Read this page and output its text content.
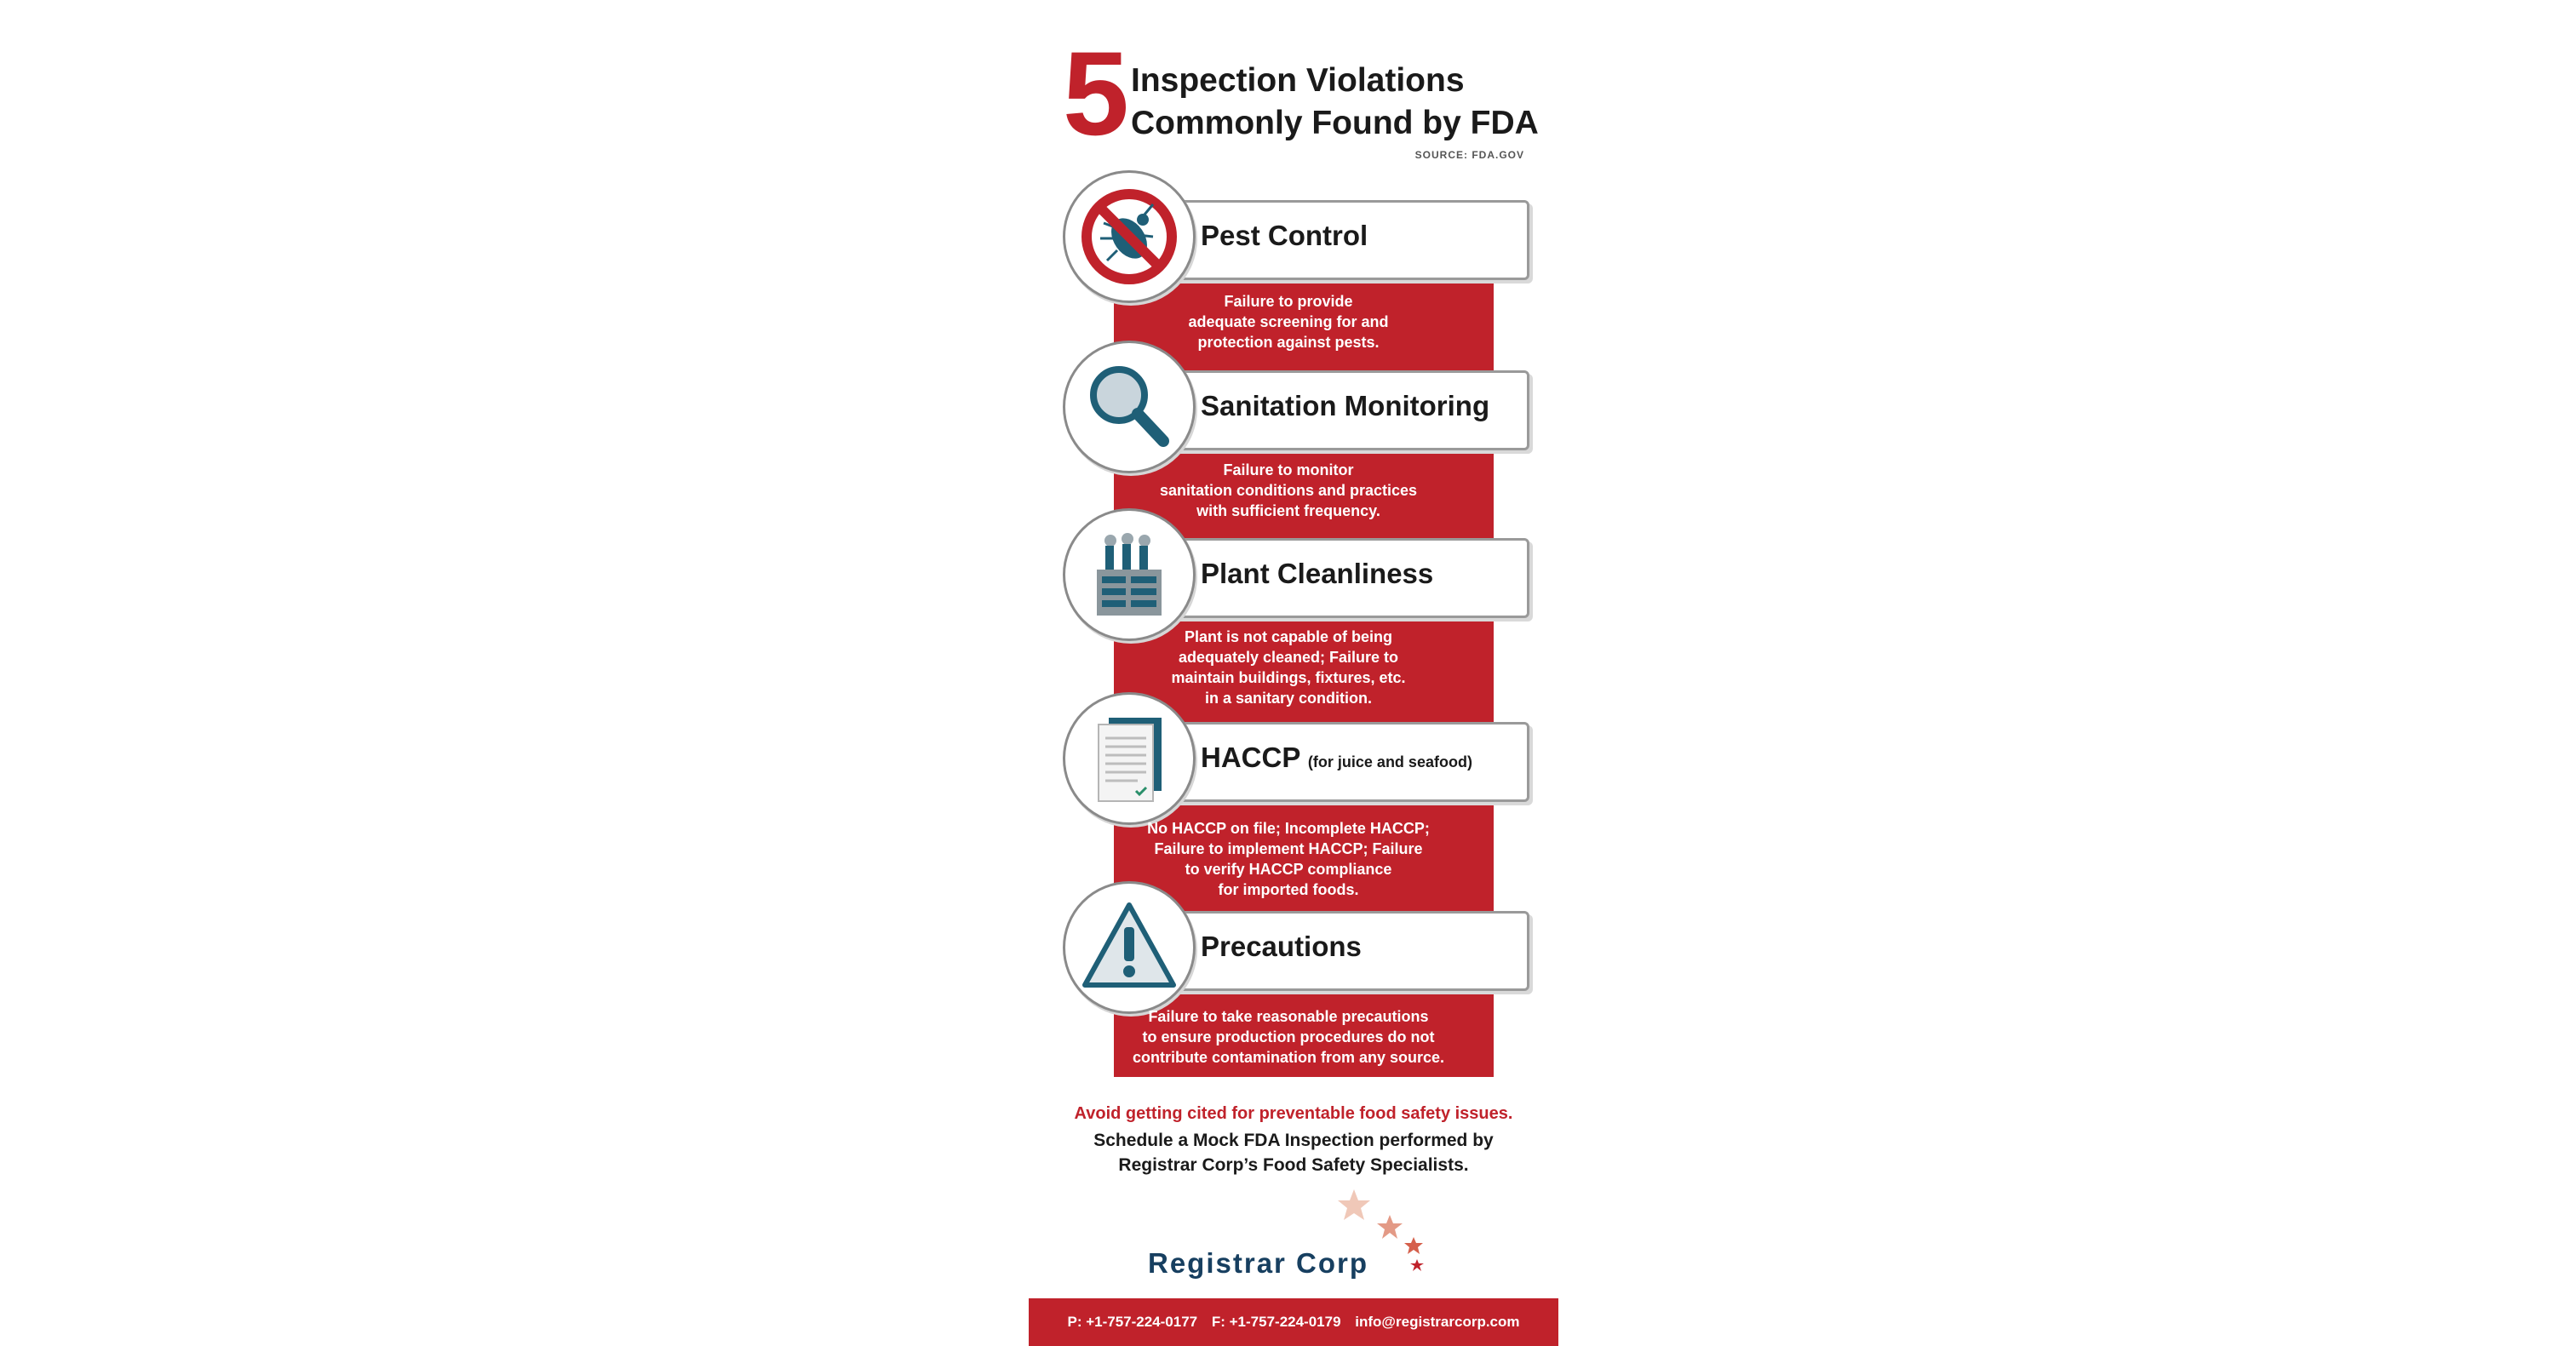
5 Inspection Violations
Commonly Found by FDA
SOURCE: FDA.GOV
Pest Control
Failure to provide
adequate screening for and
protection against pests.
Sanitation Monitoring
Failure to monitor
sanitation conditions and practices
with sufficient frequency.
Plant Cleanliness
Plant is not capable of being
adequately cleaned; Failure to
maintain buildings, fixtures, etc.
in a sanitary condition.
HACCP (for juice and seafood)
No HACCP on file; Incomplete HACCP;
Failure to implement HACCP; Failure
to verify HACCP compliance
for imported foods.
Precautions
Failure to take reasonable precautions
to ensure production procedures do not
contribute contamination from any source.
Avoid getting cited for preventable food safety issues.
Schedule a Mock FDA Inspection performed by
Registrar Corp’s Food Safety Specialists.
Registrar Corp
P: +1-757-224-0177 F: +1-757-224-0179 info@registrarcorp.com
